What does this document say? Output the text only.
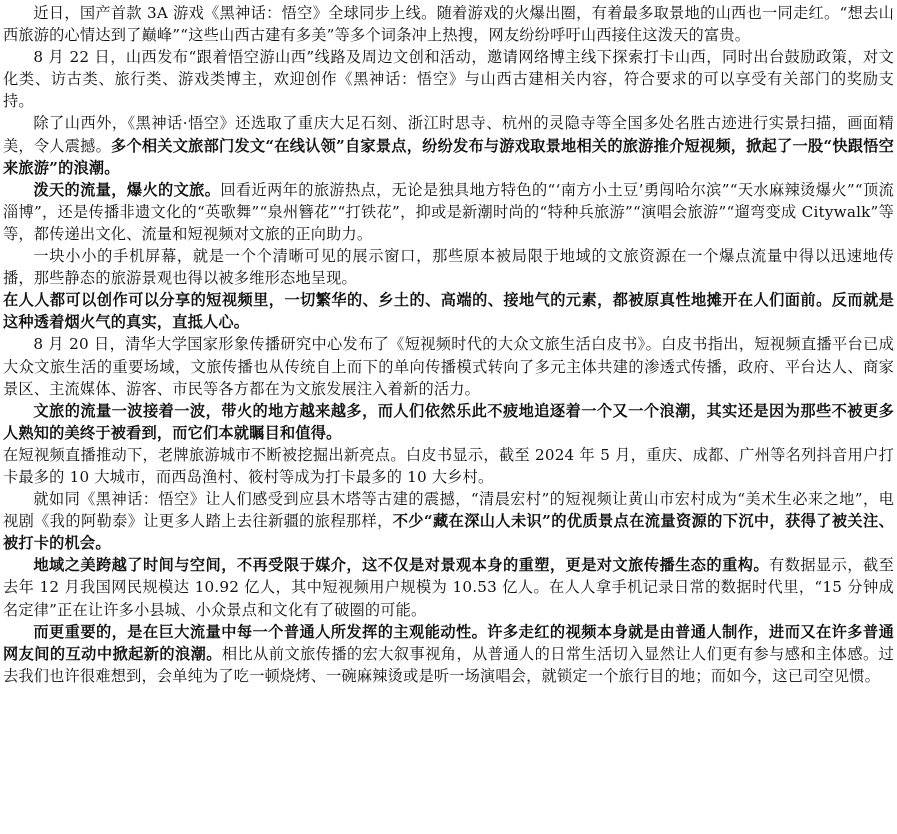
近日，国产首款 3A 游戏《黑神话：悟空》全球同步上线。随着游戏的火爆出圈，有着最多取景地的山西也一同走红。“想去山西旅游的心情达到了巅峰”“这些山西古建有多美”等多个词条冲上热搜，网友纷纷呼吁山西接住这泼天的富贵。

8 月 22 日，山西发布“跟着悟空游山西”线路及周边文创和活动，邀请网络博主线下探索打卡山西，同时出台鼓励政策，对文化类、访古类、旅行类、游戏类博主，欢迎创作《黑神话：悟空》与山西古建相关内容，符合要求的可以享受有关部门的奖励支持。

除了山西外，《黑神话·悟空》还选取了重庆大足石刻、浙江时思寺、杭州的灵隐寺等全国多处名胜古迹进行实景扫描，画面精美，令人震撼。多个相关文旅部门发文“在线认领”自家景点，纷纷发布与游戏取景地相关的旅游推介短视频，掀起了一股“快跟悟空来旅游”的浪潮。

泼天的流量，爆火的文旅。回看近两年的旅游热点，无论是独具地方特色的“‘南方小土豆’勇闯哈尔滨”“天水麻辣烫爆火”“顶流淄博”，还是传播非遗文化的“英歌舞”“泉州簪花”“打铁花”，抑或是新潮时尚的“特种兵旅游”“演唱会旅游”“遛弯变成 Citywalk”等等，都传递出文化、流量和短视频对文旅的正向助力。

一块小小的手机屏幕，就是一个个清晰可见的展示窗口，那些原本被局限于地域的文旅资源在一个爆点流量中得以迅速地传播，那些静态的旅游景观也得以被多维形态地呈现。

在人人都可以创作可以分享的短视频里，一切繁华的、乡土的、高端的、接地气的元素，都被原真性地摊开在人们面前。反而就是这种透着烟火气的真实，直抵人心。

8 月 20 日，清华大学国家形象传播研究中心发布了《短视频时代的大众文旅生活白皮书》。白皮书指出，短视频直播平台已成大众文旅生活的重要场域，文旅传播也从传统自上而下的单向传播模式转向了多元主体共建的渗透式传播，政府、平台达人、商家景区、主流媒体、游客、市民等各方都在为文旅发展注入着新的活力。

文旅的流量一波接着一波，带火的地方越来越多，而人们依然乐此不疲地追逐着一个又一个浪潮，其实还是因为那些不被更多人熟知的美终于被看到，而它们本就瞩目和值得。

在短视频直播推动下，老牌旅游城市不断被挖掘出新亮点。白皮书显示，截至 2024 年 5 月，重庆、成都、广州等名列抖音用户打卡最多的 10 大城市，而西岛渔村、筱村等成为打卡最多的 10 大乡村。

就如同《黑神话：悟空》让人们感受到应县木塔等古建的震撼，“清晨宏村”的短视频让黄山市宏村成为“美术生必来之地”，电视剧《我的阿勒泰》让更多人踏上去往新疆的旅程那样，不少“藏在深山人未识”的优质景点在流量资源的下沉中，获得了被关注、被打卡的机会。

地域之美跨越了时间与空间，不再受限于媒介，这不仅是对景观本身的重塑，更是对文旅传播生态的重构。有数据显示，截至去年 12 月我国网民规模达 10.92 亿人，其中短视频用户规模为 10.53 亿人。在人人拿手机记录日常的数据时代里，“15 分钟成名定律”正在让许多小县城、小众景点和文化有了破圈的可能。

而更重要的，是在巨大流量中每一个普通人所发挥的主观能动性。许多走红的视频本身就是由普通人制作，进而又在许多普通网友间的互动中掀起新的浪潮。相比从前文旅传播的宏大叙事视角，从普通人的日常生活切入显然让人们更有参与感和主体感。过去我们也许很难想到，会单纯为了吃一顿烧烤、一碗麻辣烫或是听一场演唱会，就锁定一个旅行目的地；而如今，这已司空见惯。
